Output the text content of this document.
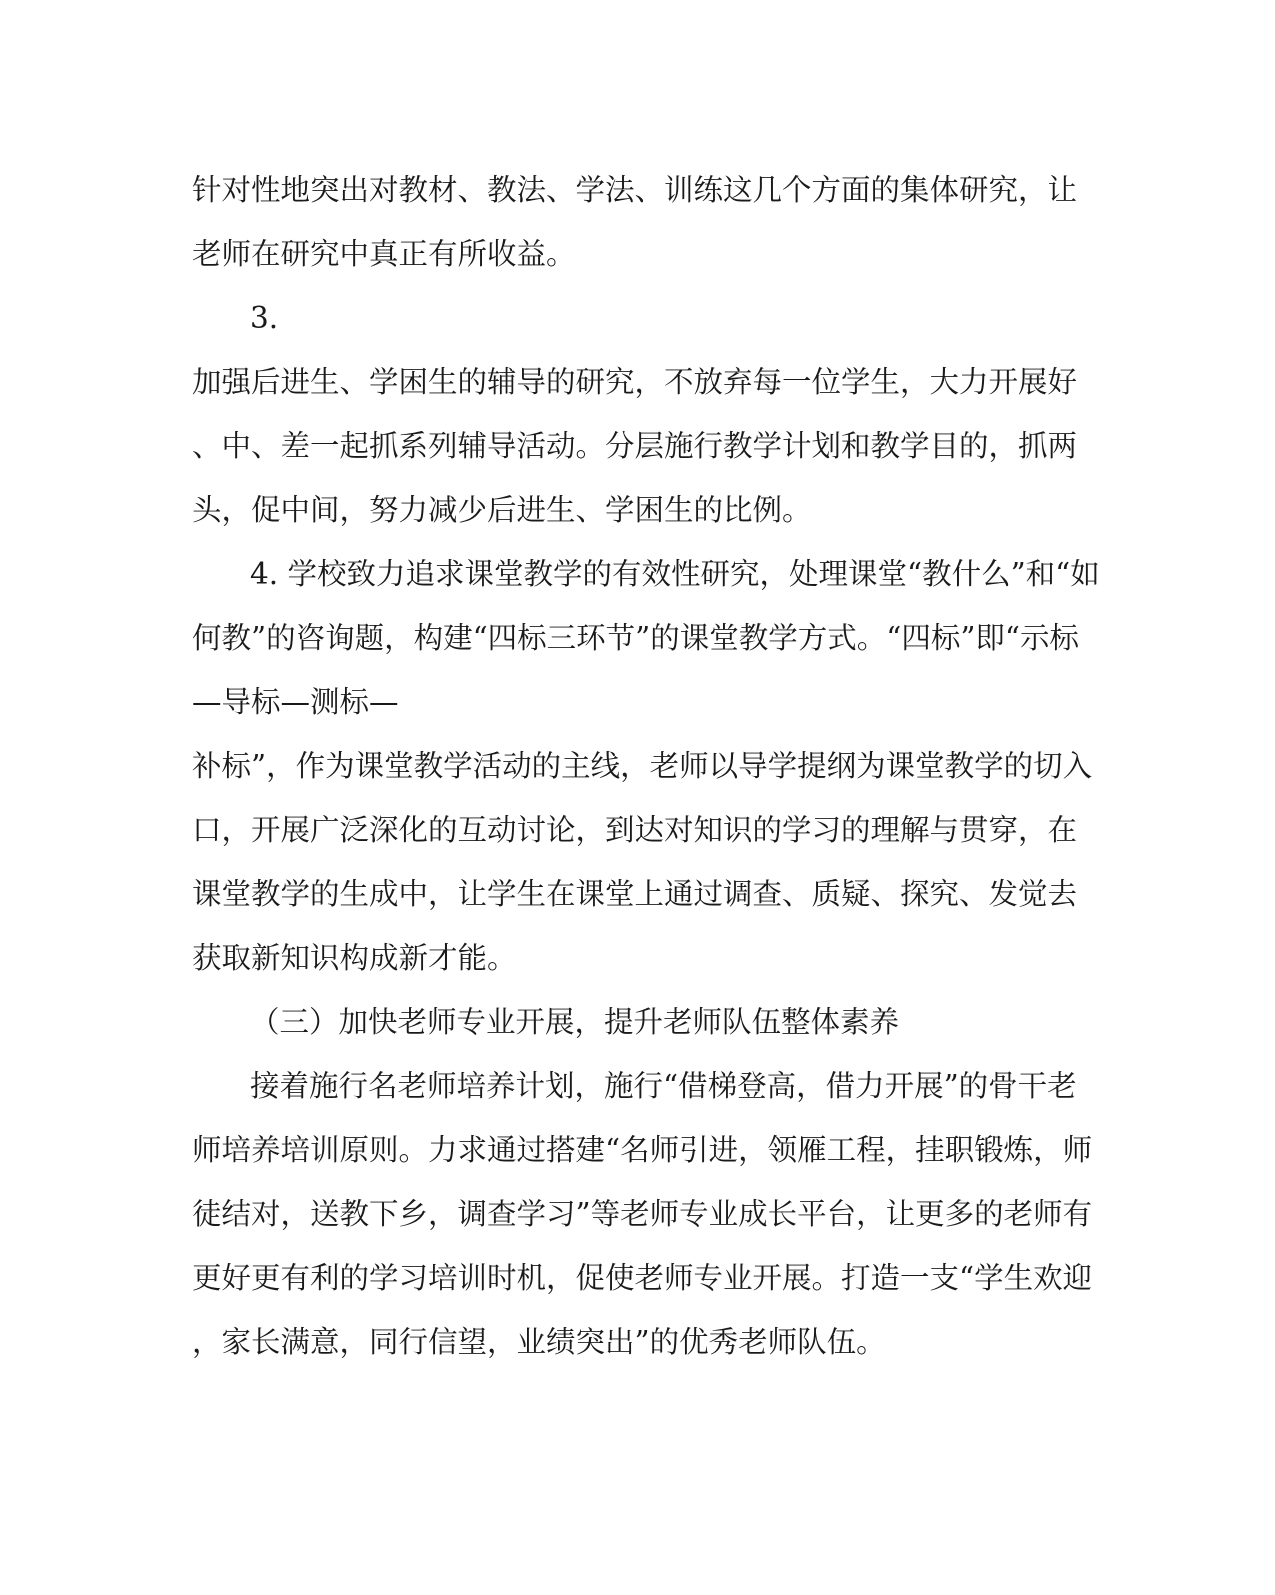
针对性地突出对教材、教法、学法、训练这几个方面的集体研究，让

老师在研究中真正有所收益。

3.

加强后进生、学困生的辅导的研究，不放弃每一位学生，大力开展好

、中、差一起抓系列辅导活动。分层施行教学计划和教学目的，抓两

头，促中间，努力减少后进生、学困生的比例。

4. 学校致力追求课堂教学的有效性研究，处理课堂“教什么”和“如

何教”的咨询题，构建“四标三环节”的课堂教学方式。“四标”即“示标

—导标—测标—

补标”，作为课堂教学活动的主线，老师以导学提纲为课堂教学的切入

口，开展广泛深化的互动讨论，到达对知识的学习的理解与贯穿，在

课堂教学的生成中，让学生在课堂上通过调查、质疑、探究、发觉去

获取新知识构成新才能。

（三）加快老师专业开展，提升老师队伍整体素养

接着施行名老师培养计划，施行“借梯登高，借力开展”的骨干老

师培养培训原则。力求通过搭建“名师引进，领雁工程，挂职锻炼，师

徒结对，送教下乡，调查学习”等老师专业成长平台，让更多的老师有

更好更有利的学习培训时机，促使老师专业开展。打造一支“学生欢迎

，家长满意，同行信望，业绩突出”的优秀老师队伍。
